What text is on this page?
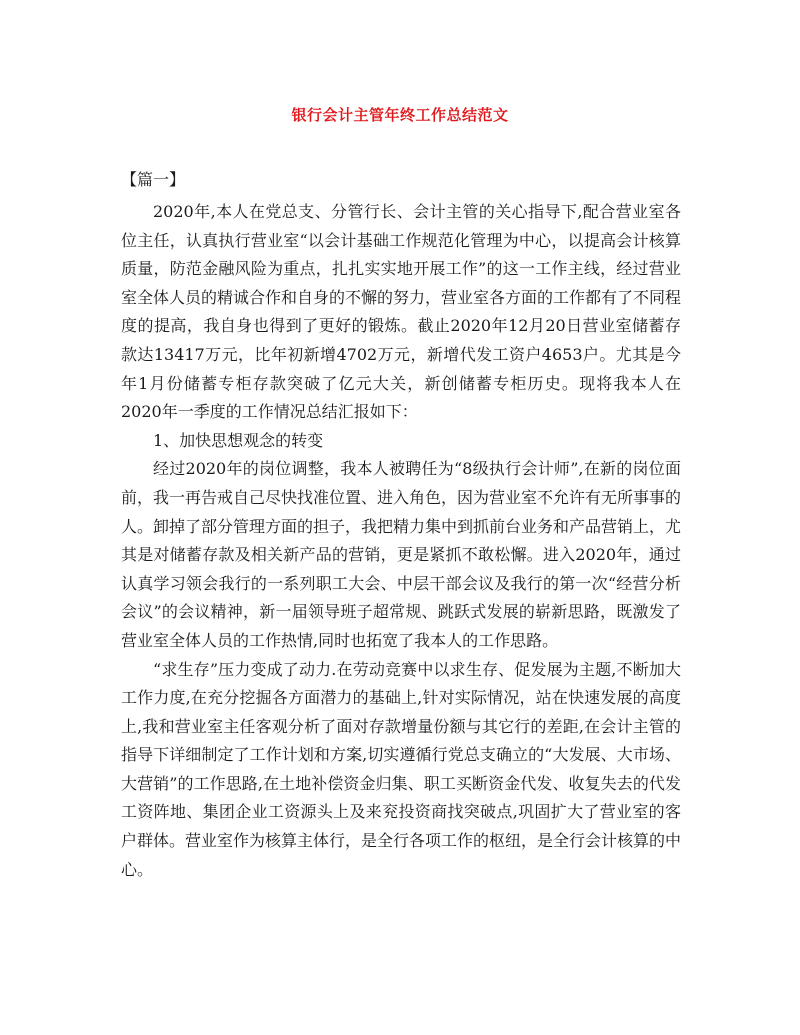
银行会计主管年终工作总结范文
【篇一】

2020年,本人在党总支、分管行长、会计主管的关心指导下,配合营业室各位主任，认真执行营业室“以会计基础工作规范化管理为中心，以提高会计核算质量，防范金融风险为重点，扎扎实实地开展工作”的这一工作主线，经过营业室全体人员的精诚合作和自身的不懈的努力，营业室各方面的工作都有了不同程度的提高，我自身也得到了更好的锻炼。截止2020年12月20日营业室储蓄存款达13417万元，比年初新增4702万元，新增代发工资户4653户。尤其是今年1月份储蓄专柜存款突破了亿元大关，新创储蓄专柜历史。现将我本人在2020年一季度的工作情况总结汇报如下：

1、加快思想观念的转变

经过2020年的岗位调整，我本人被聘任为“8级执行会计师”,在新的岗位面前，我一再告戒自己尽快找准位置、进入角色，因为营业室不允许有无所事事的人。卸掉了部分管理方面的担子，我把精力集中到抓前台业务和产品营销上，尤其是对储蓄存款及相关新产品的营销，更是紧抓不敢松懈。进入2020年，通过认真学习领会我行的一系列职工大会、中层干部会议及我行的第一次“经营分析会议”的会议精神，新一届领导班子超常规、跳跃式发展的崭新思路，既激发了营业室全体人员的工作热情,同时也拓宽了我本人的工作思路。

“求生存”压力变成了动力.在劳动竞赛中以求生存、促发展为主题,不断加大工作力度,在充分挖掘各方面潜力的基础上,针对实际情况，站在快速发展的高度上,我和营业室主任客观分析了面对存款增量份额与其它行的差距,在会计主管的指导下详细制定了工作计划和方案,切实遵循行党总支确立的“大发展、大市场、大营销”的工作思路,在土地补偿资金归集、职工买断资金代发、收复失去的代发工资阵地、集团企业工资源头上及来兖投资商找突破点,巩固扩大了营业室的客户群体。营业室作为核算主体行，是全行各项工作的枢纽，是全行会计核算的中心。
